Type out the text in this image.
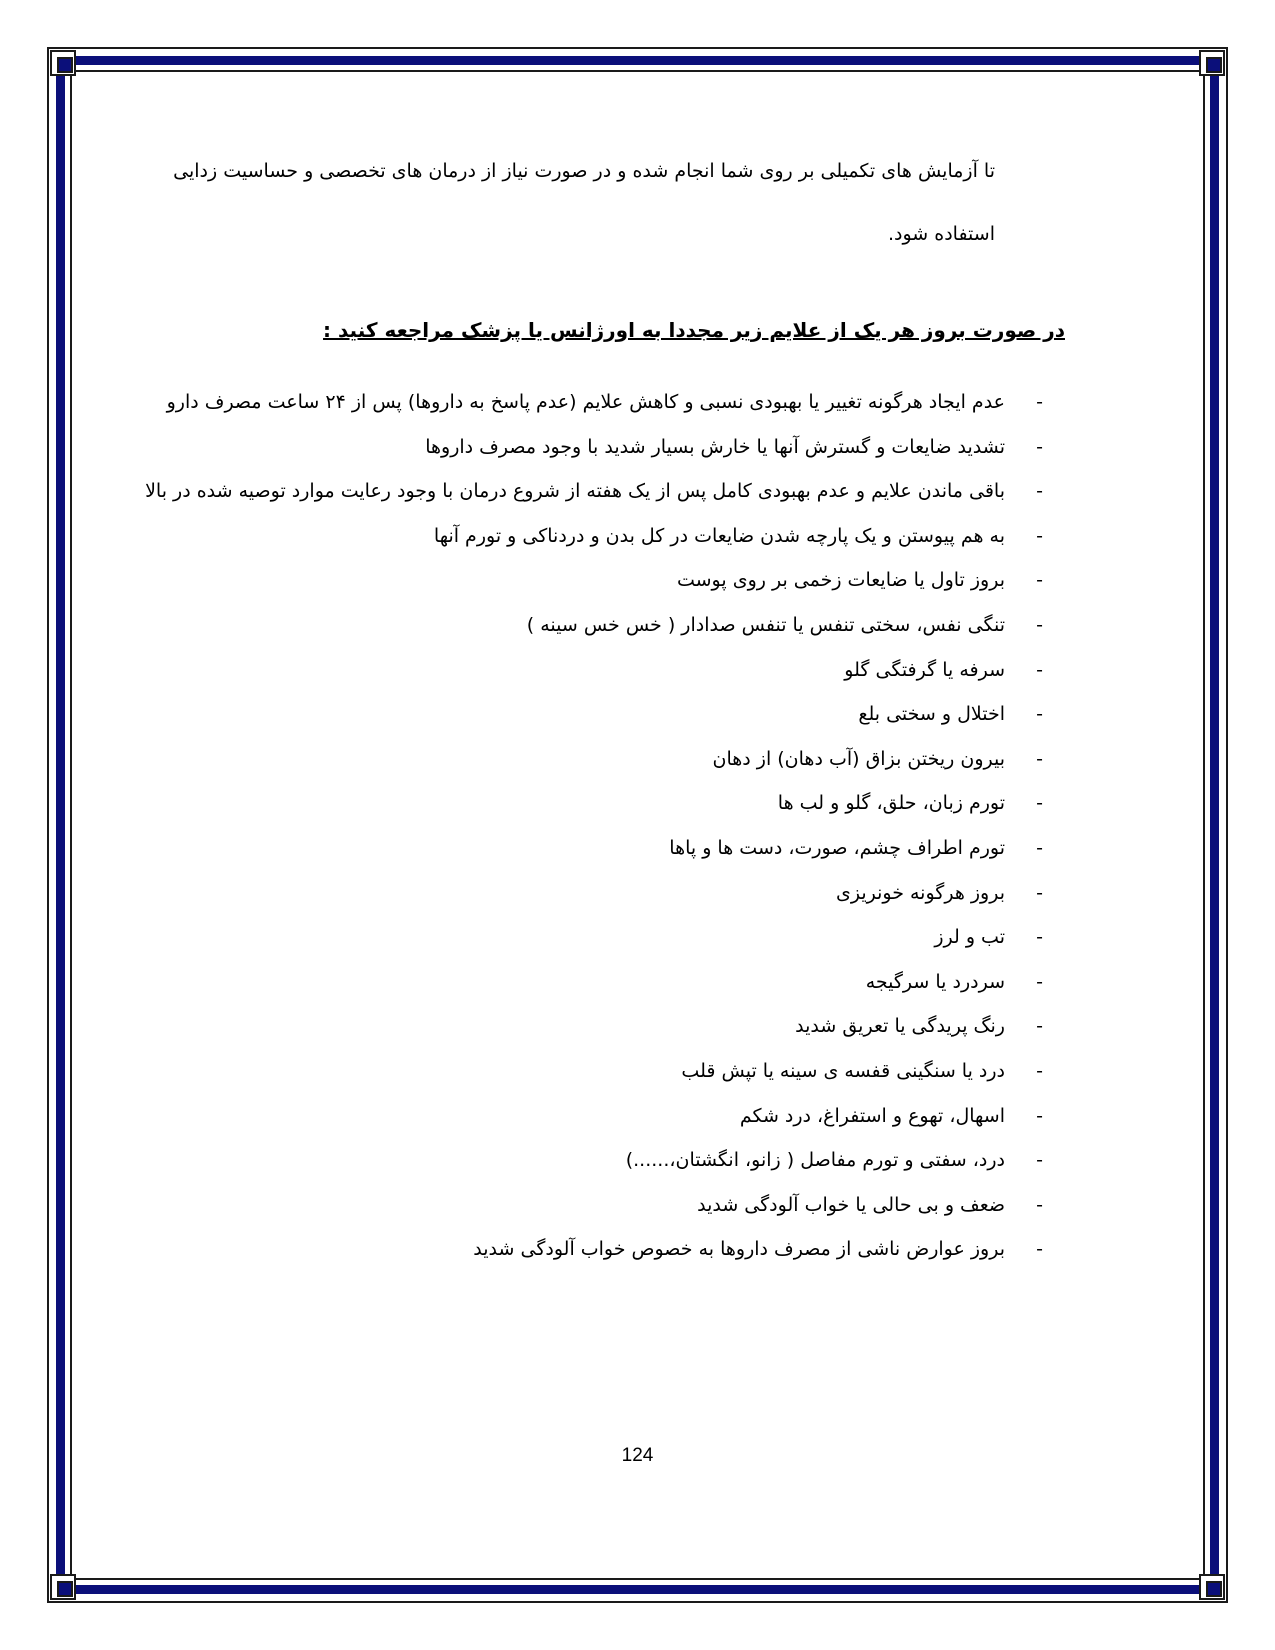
تا آزمایش های تکمیلی بر روی شما انجام شده و در صورت نیاز از درمان های تخصصی و حساسیت زدایی

استفاده شود.

در صورت بروز هر یک از علایم زیر مجددا به اورژانس یا پزشک مراجعه کنید :
- عدم ایجاد هرگونه تغییر یا بهبودی نسبی و کاهش علایم (عدم پاسخ به داروها) پس از ۲۴ ساعت مصرف دارو
- تشدید ضایعات و گسترش آنها یا خارش بسیار شدید با وجود مصرف داروها
- باقی ماندن علایم و عدم بهبودی کامل پس از یک هفته از شروع درمان با وجود رعایت موارد توصیه شده در بالا
- به هم پیوستن و یک پارچه شدن ضایعات در کل بدن و دردناکی و تورم آنها
- بروز تاول یا ضایعات زخمی بر روی پوست
- تنگی نفس، سختی تنفس یا تنفس صدادار ( خس خس سینه )
- سرفه یا گرفتگی گلو
- اختلال و سختی بلع
- بیرون ریختن بزاق (آب دهان) از دهان
- تورم زبان، حلق، گلو و لب ها
- تورم اطراف چشم، صورت، دست ها و پاها
- بروز هرگونه خونریزی
- تب و لرز
- سردرد یا سرگیجه
- رنگ پریدگی یا تعریق شدید
- درد یا سنگینی قفسه ی سینه یا تپش قلب
- اسهال، تهوع و استفراغ، درد شکم
- درد، سفتی و تورم مفاصل ( زانو، انگشتان،......)
- ضعف و بی حالی یا خواب آلودگی شدید
- بروز عوارض ناشی از مصرف داروها به خصوص خواب آلودگی شدید
124
